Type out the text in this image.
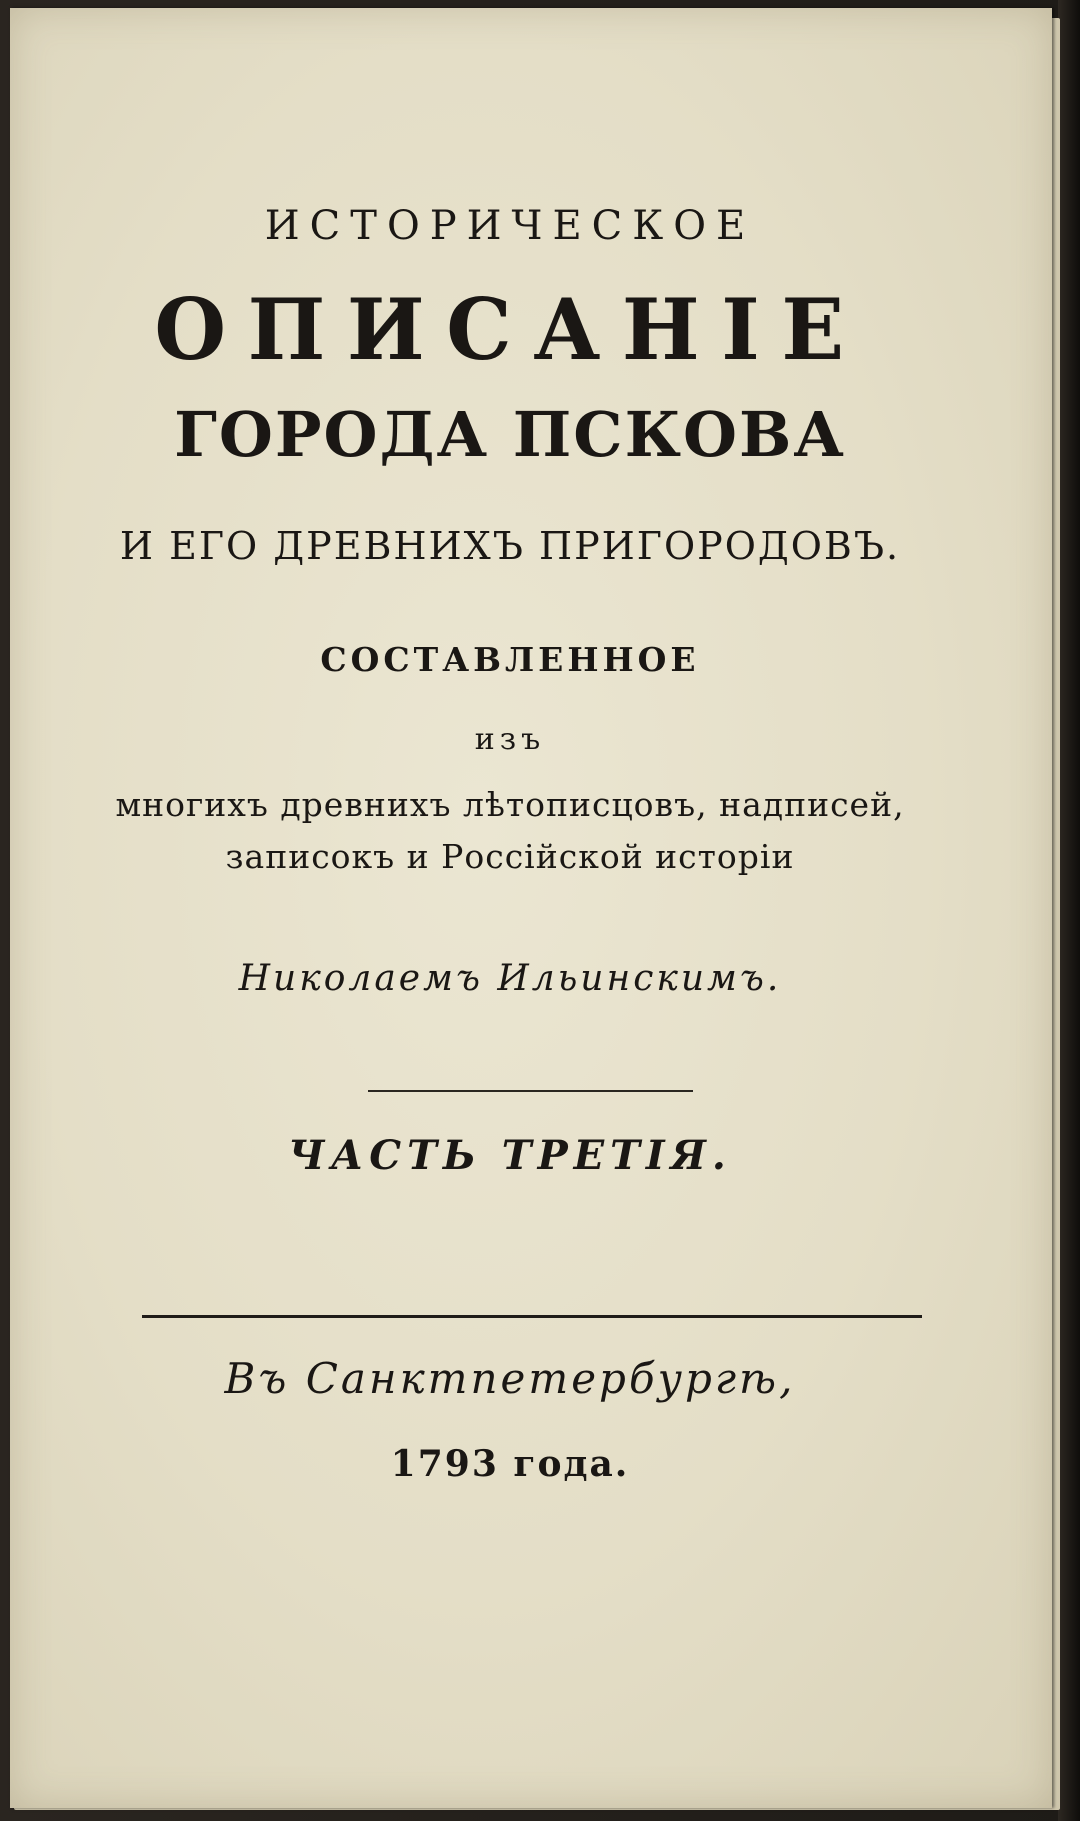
ИСТОРИЧЕСКОЕ
ОПИСАНІЕ
ГОРОДА ПСКОВА
И ЕГО ДРЕВНИХЪ ПРИГОРОДОВЪ.
СОСТАВЛЕННОЕ
изъ
многихъ древнихъ лѣтописцовъ, надписей,
записокъ и Россійской исторіи
Николаемъ Ильинскимъ.
ЧАСТЬ ТРЕТІЯ.
Въ Санктпетербургѣ,
1793 года.
